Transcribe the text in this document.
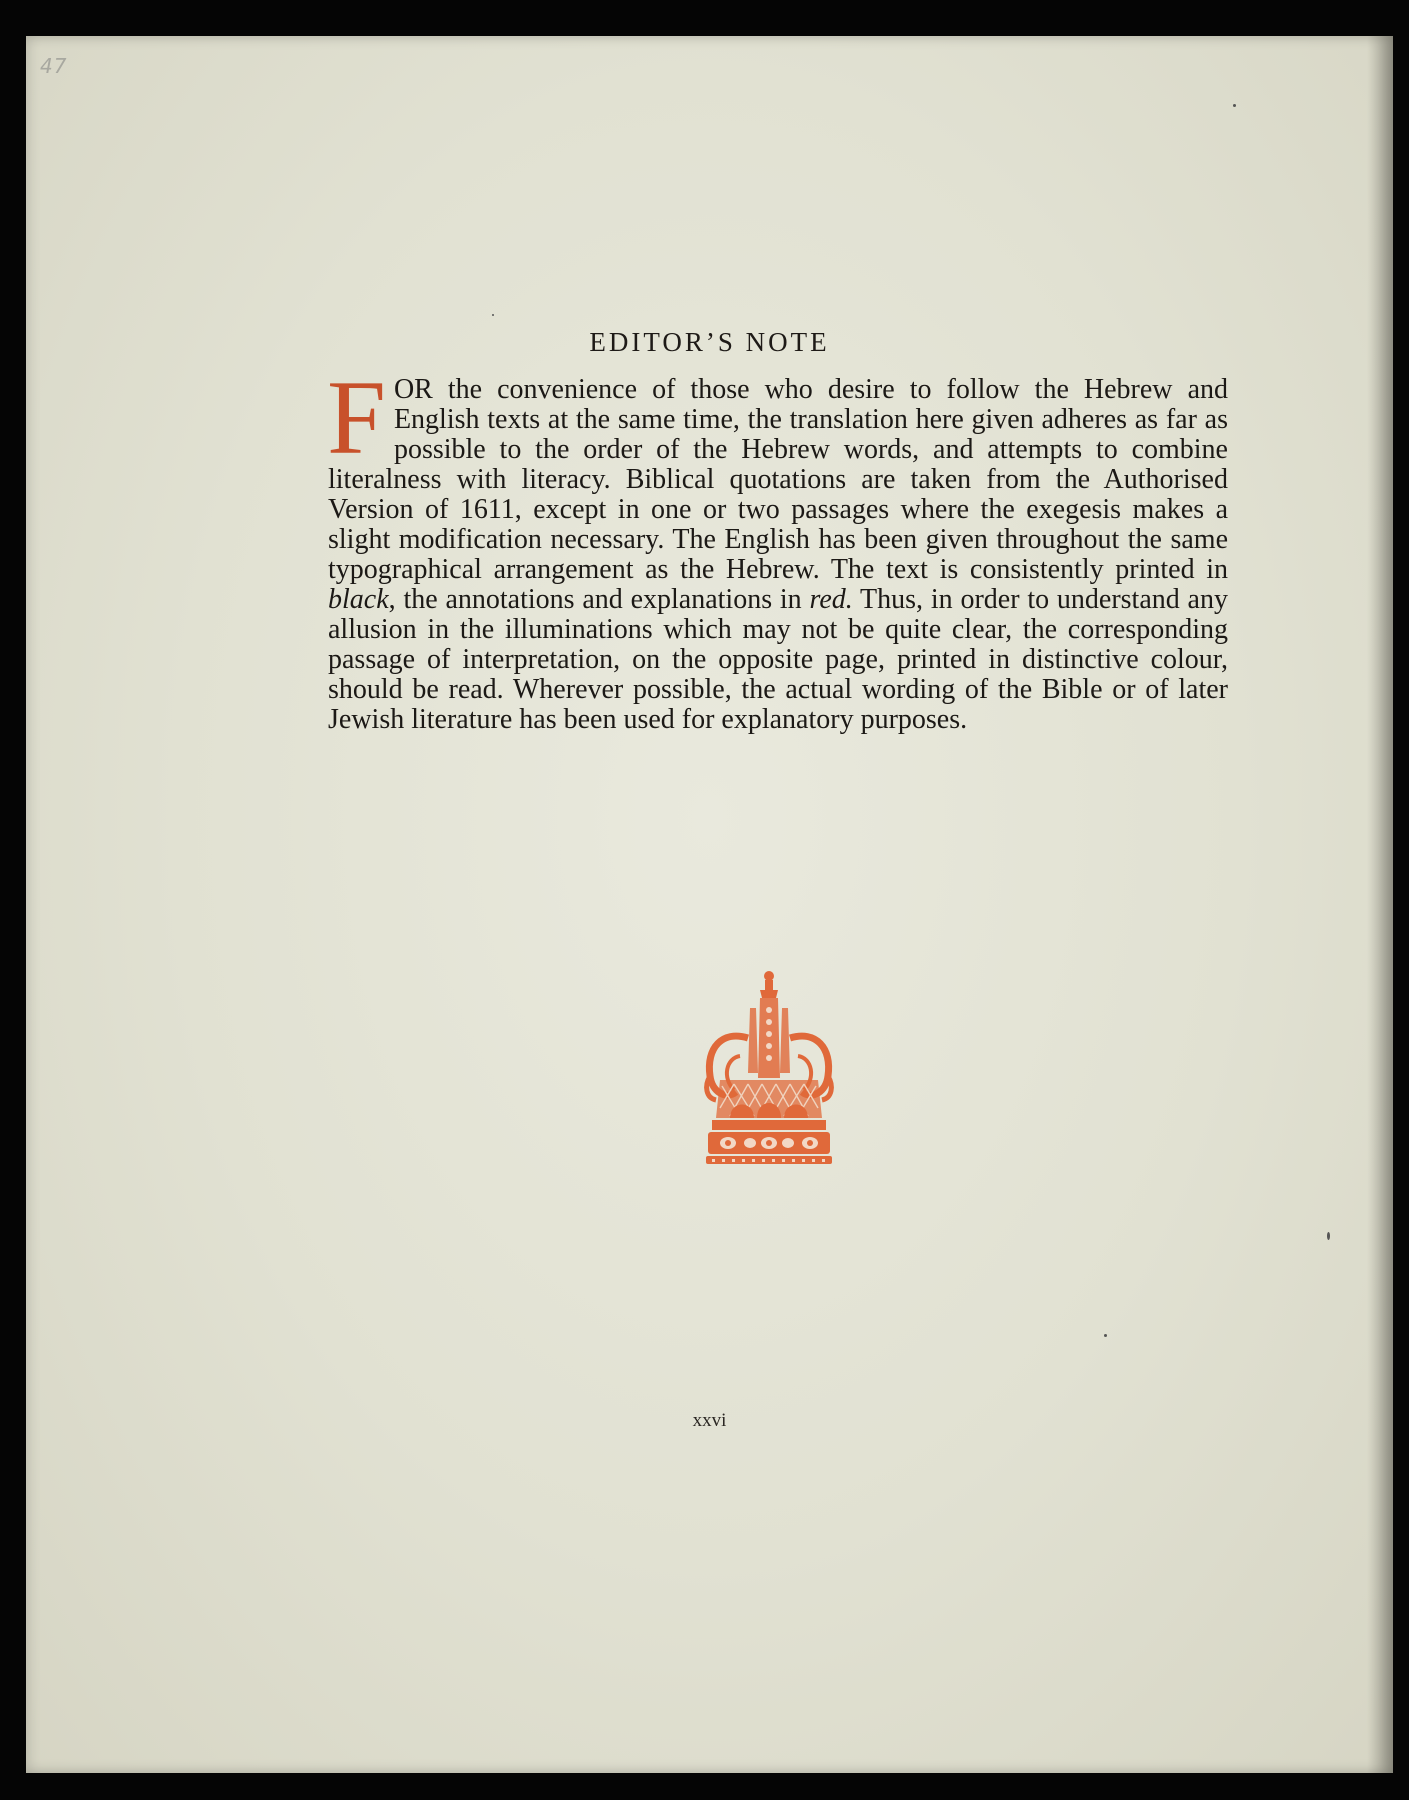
47
EDITOR’S NOTE

FOR the convenience of those who desire to follow the Hebrew and English texts at the same time, the translation here given adheres as far as possible to the order of the Hebrew words, and attempts to combine literalness with literacy. Biblical quotations are taken from the Authorised Version of 1611, except in one or two passages where the exegesis makes a slight modification necessary. The English has been given throughout the same typographical arrangement as the Hebrew. The text is consistently printed in black, the annotations and explanations in red. Thus, in order to understand any allusion in the illuminations which may not be quite clear, the corresponding passage of interpretation, on the opposite page, printed in distinctive colour, should be read. Wherever possible, the actual wording of the Bible or of later Jewish literature has been used for explanatory purposes.

xxvi
